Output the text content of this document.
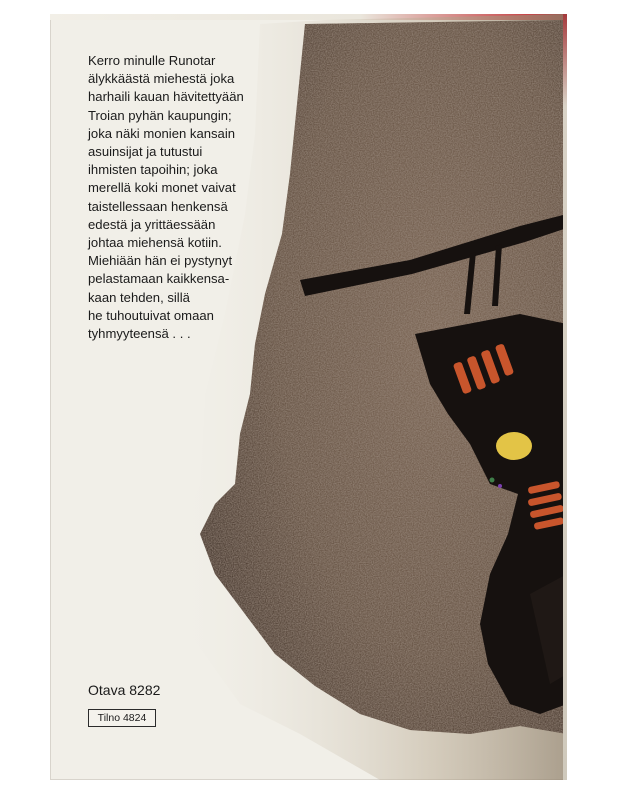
Kerro minulle Runotar
älykkäästä miehestä joka
harhaili kauan hävitettyään
Troian pyhän kaupungin;
joka näki monien kansain
asuinsijat ja tutustui
ihmisten tapoihin; joka
merellä koki monet vaivat
taistellessaan henkensä
edestä ja yrittäessään
johtaa miehensä kotiin.
Miehiään hän ei pystynyt
pelastamaan kaikkensa-
kaan tehden, sillä
he tuhoutuivat omaan
tyhmyyteensä . . .
Otava 8282
Tilno 4824
